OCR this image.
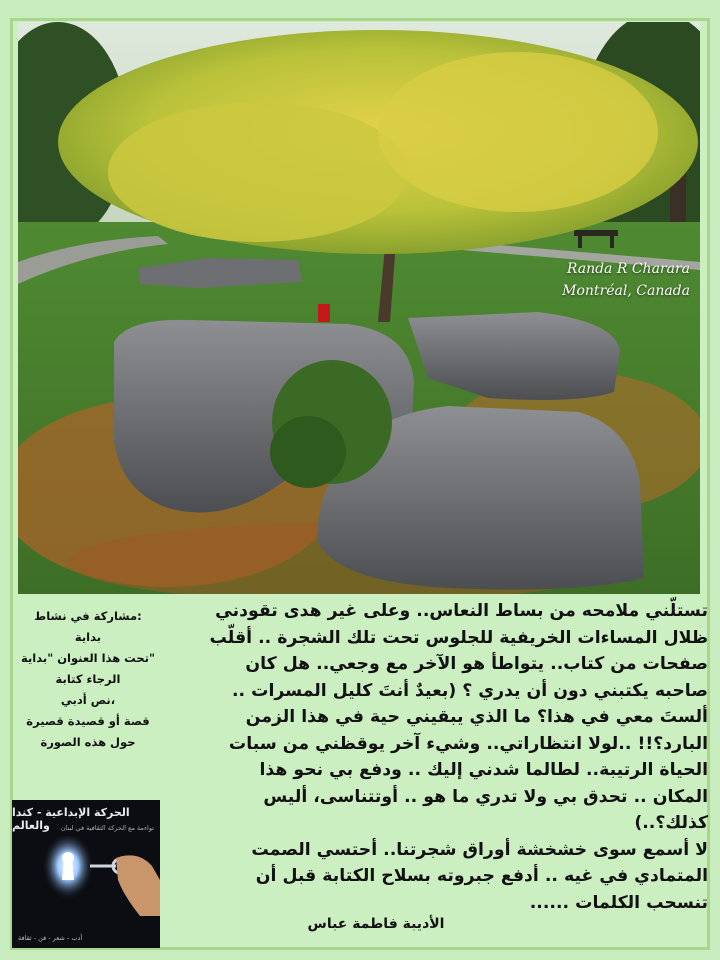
Randa R Charara
Montréal, Canada
مشاركة في نشاط:
بداية
تحت هذا العنوان "بداية"
الرجاء كتابة
نص أدبي،
قصة أو قصيدة قصيرة
حول هذه الصورة
الحركة الإبداعية - كندا والعالم	تواءمة مع الحركة الثقافية في لبنان
أدب - شعر - فن - ثقافة
تستلّني ملامحه من بساط النعاس.. وعلى غير هدى تقودني
ظلال المساءات الخريفية للجلوس تحت تلك الشجرة .. أقلّب
صفحات من كتاب.. يتواطأ هو الآخر مع وجعي.. هل كان
صاحبه يكتبني دون أن يدري ؟ (بعيدٌ أنتَ كليل المسرات ..
ألستَ معي في هذا؟ ما الذي يبقيني حية في هذا الزمن
البارد؟!! ..لولا انتظاراتي.. وشيء آخر يوقظني من سبات
الحياة الرتيبة.. لطالما شدني إليك .. ودفع بي نحو هذا
المكان .. تحدق بي ولا تدري ما هو .. أوتتناسى، أليس
كذلك؟..)
لا أسمع سوى خشخشة أوراق شجرتنا.. أحتسي الصمت
المتمادي في غيه .. أدفع جبروته بسلاح الكتابة قبل أن
تنسحب الكلمات ......
الأديبة فاطمة عباس
